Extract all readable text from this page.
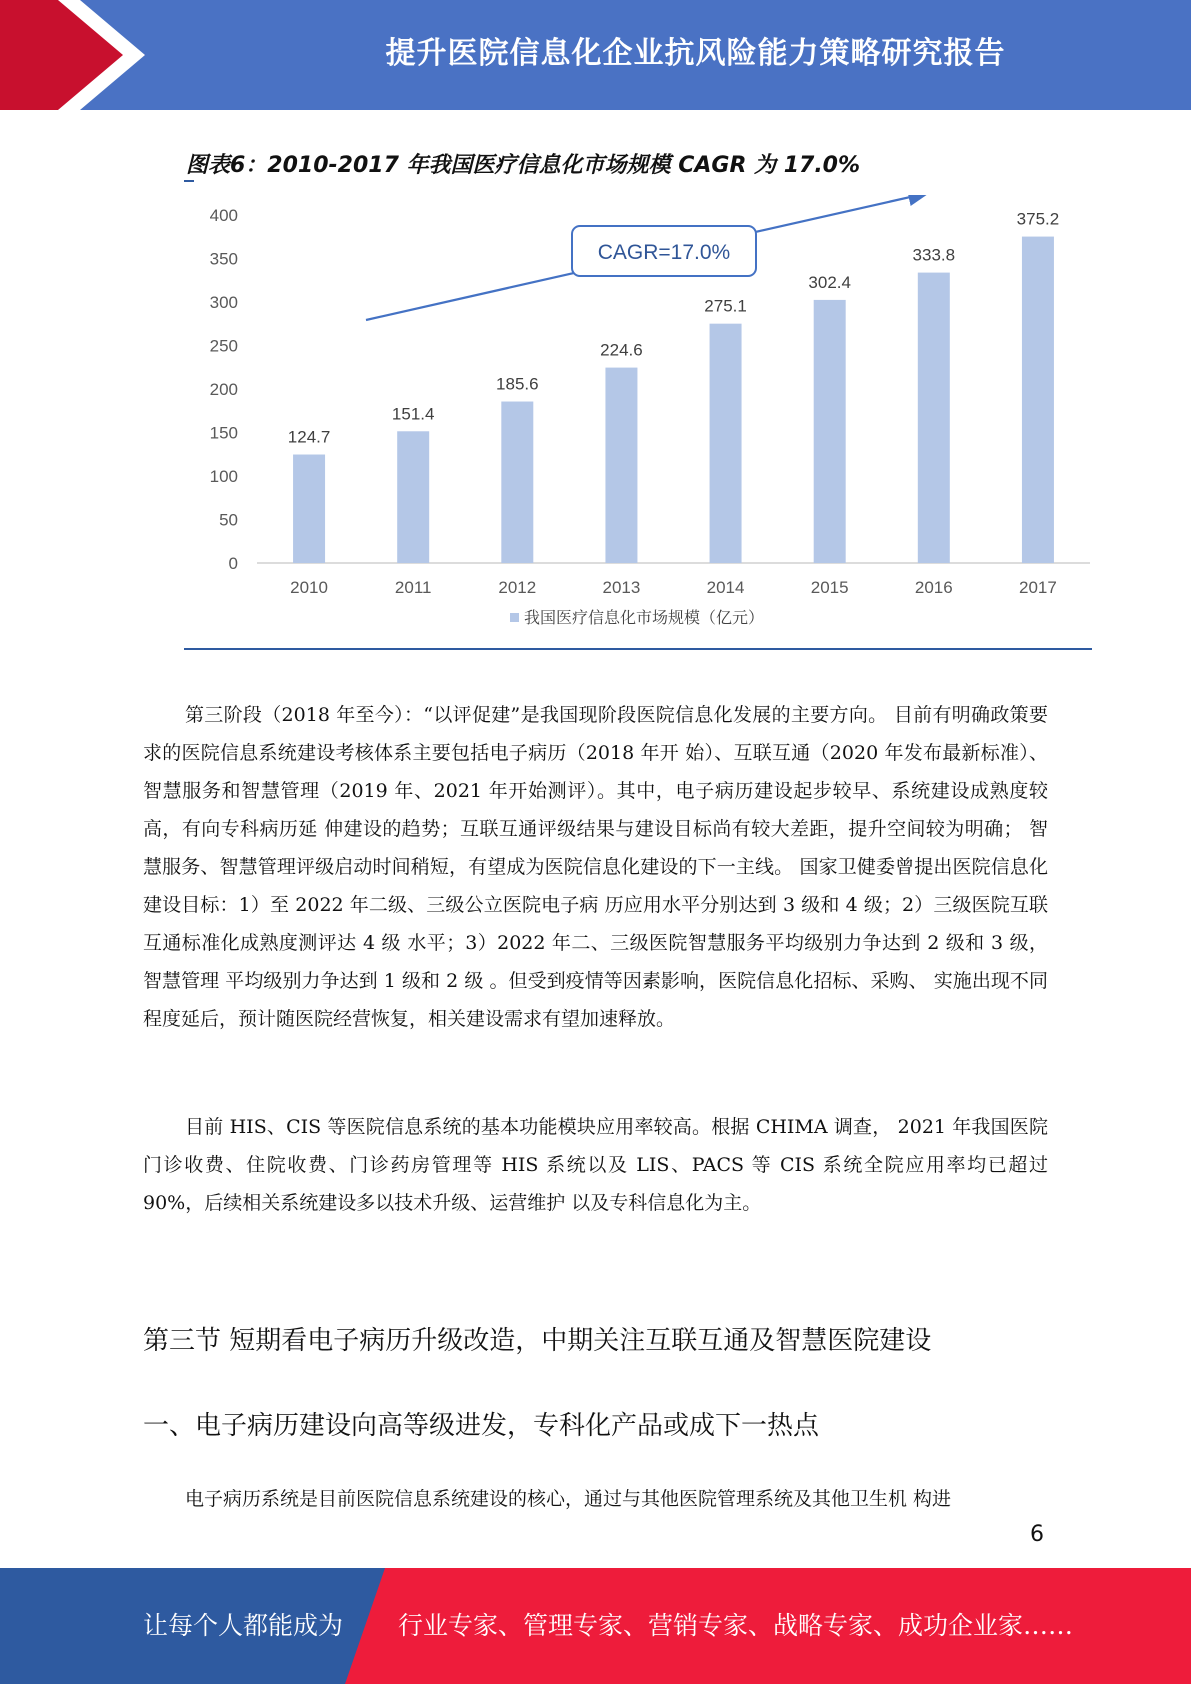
提升医院信息化企业抗风险能力策略研究报告
图表6：2010-2017 年我国医疗信息化市场规模 CAGR 为 17.0%
0
50
100
150
200
250
300
350
400
124.7
2010
151.4
2011
185.6
2012
224.6
2013
275.1
2014
302.4
2015
333.8
2016
375.2
2017
CAGR=17.0%
我国医疗信息化市场规模（亿元）

第三阶段（2018 年至今）：“以评促建”是我国现阶段医院信息化发展的主要方向。 目前有明确政策要求的医院信息系统建设考核体系主要包括电子病历（2018 年开 始）、互联互通（2020 年发布最新标准）、智慧服务和智慧管理（2019 年、2021 年开始测评）。其中，电子病历建设起步较早、系统建设成熟度较高，有向专科病历延 伸建设的趋势；互联互通评级结果与建设目标尚有较大差距，提升空间较为明确； 智慧服务、智慧管理评级启动时间稍短，有望成为医院信息化建设的下一主线。 国家卫健委曾提出医院信息化建设目标：1）至 2022 年二级、三级公立医院电子病 历应用水平分别达到 3 级和 4 级；2）三级医院互联互通标准化成熟度测评达 4 级 水平；3）2022 年二、三级医院智慧服务平均级别力争达到 2 级和 3 级，智慧管理 平均级别力争达到 1 级和 2 级 。但受到疫情等因素影响，医院信息化招标、采购、 实施出现不同程度延后，预计随医院经营恢复，相关建设需求有望加速释放。

目前 HIS、CIS 等医院信息系统的基本功能模块应用率较高。根据 CHIMA 调查， 2021 年我国医院门诊收费、住院收费、门诊药房管理等 HIS 系统以及 LIS、PACS 等 CIS 系统全院应用率均已超过 90%，后续相关系统建设多以技术升级、运营维护 以及专科信息化为主。

第三节 短期看电子病历升级改造，中期关注互联互通及智慧医院建设
一、电子病历建设向高等级进发，专科化产品或成下一热点

电子病历系统是目前医院信息系统建设的核心，通过与其他医院管理系统及其他卫生机 构进

6
让每个人都能成为 行业专家、管理专家、营销专家、战略专家、成功企业家……
